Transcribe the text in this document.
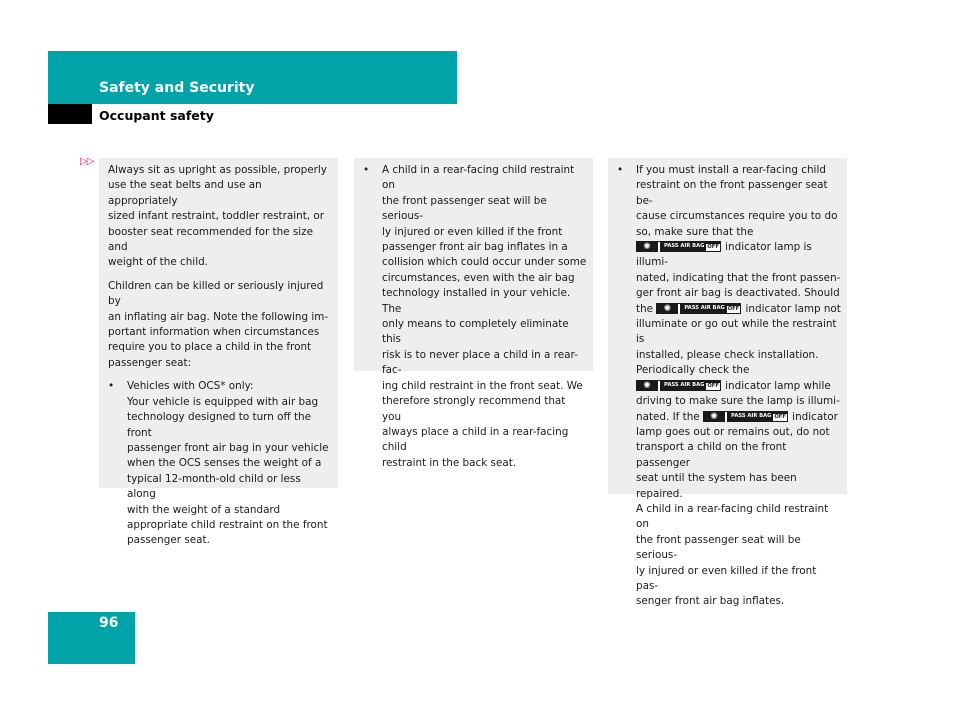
Safety and Security
Occupant safety
▷▷

Always sit as upright as possible, properly
use the seat belts and use an appropriately
sized infant restraint, toddler restraint, or
booster seat recommended for the size and
weight of the child.

Children can be killed or seriously injured by
an inflating air bag. Note the following im-
portant information when circumstances
require you to place a child in the front
passenger seat:

• Vehicles with OCS* only:
Your vehicle is equipped with air bag
technology designed to turn off the front
passenger front air bag in your vehicle
when the OCS senses the weight of a
typical 12-month-old child or less along
with the weight of a standard
appropriate child restraint on the front
passenger seat.

• A child in a rear-facing child restraint on
the front passenger seat will be serious-
ly injured or even killed if the front
passenger front air bag inflates in a
collision which could occur under some
circumstances, even with the air bag
technology installed in your vehicle. The
only means to completely eliminate this
risk is to never place a child in a rear-fac-
ing child restraint in the front seat. We
therefore strongly recommend that you
always place a child in a rear-facing child
restraint in the back seat.

• If you must install a rear-facing child
restraint on the front passenger seat be-
cause circumstances require you to do
so, make sure that the
✺	PASS AIR BAG OFF indicator lamp is illumi-
nated, indicating that the front passen-
ger front air bag is deactivated. Should
the ✺	PASS AIR BAG OFF indicator lamp not
illuminate or go out while the restraint is
installed, please check installation.
Periodically check the
✺	PASS AIR BAG OFF indicator lamp while
driving to make sure the lamp is illumi-
nated. If the ✺	PASS AIR BAG OFF indicator
lamp goes out or remains out, do not
transport a child on the front passenger
seat until the system has been repaired.
A child in a rear-facing child restraint on
the front passenger seat will be serious-
ly injured or even killed if the front pas-
senger front air bag inflates.

96
